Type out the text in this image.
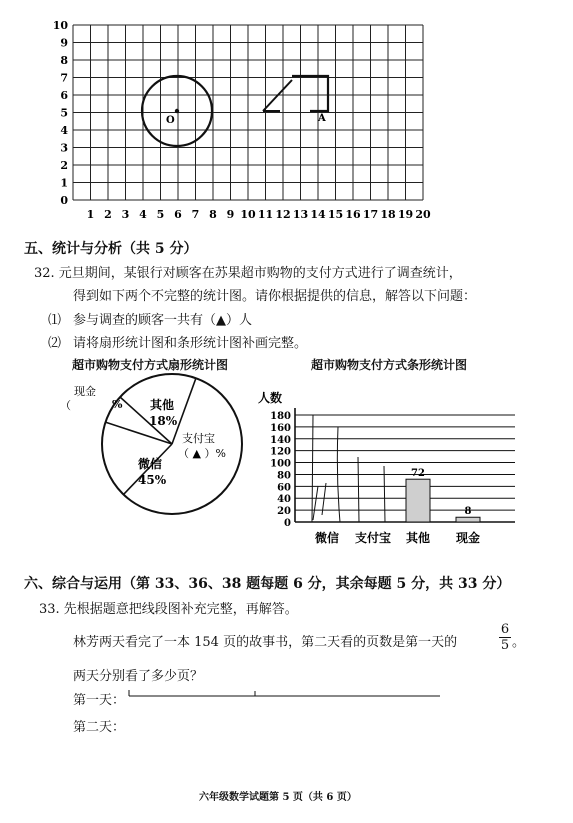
1 2 3 4 5 6 7 8 9 10 11 12 13 14 15 16 17 18 19 20
0
1
2
3
4
5
6
7
8
9
10
O	A
五、统计与分析（共 5 分）
32. 元旦期间，某银行对顾客在苏果超市购物的支付方式进行了调查统计，
得到如下两个不完整的统计图。请你根据提供的信息，解答以下问题：
⑴ 参与调查的顾客一共有（▲）人
⑵ 请将扇形统计图和条形统计图补画完整。
超市购物支付方式扇形统计图
现金
（	% 其他
18%
支付宝
（ ▲ ）%
微信
45%
超市购物支付方式条形统计图
人数
0
20
40
60
80
100
120
140
160
180
微信 支付宝 其他 现金
72
8
六、综合与运用（第 33、36、38 题每题 6 分，其余每题 5 分，共 33 分）
33. 先根据题意把线段图补充完整，再解答。
林芳两天看完了一本 154 页的故事书，第二天看的页数是第一天的
6
5 。
两天分别看了多少页？
第一天：
第二天：
六年级数学试题第 5 页（共 6 页）
